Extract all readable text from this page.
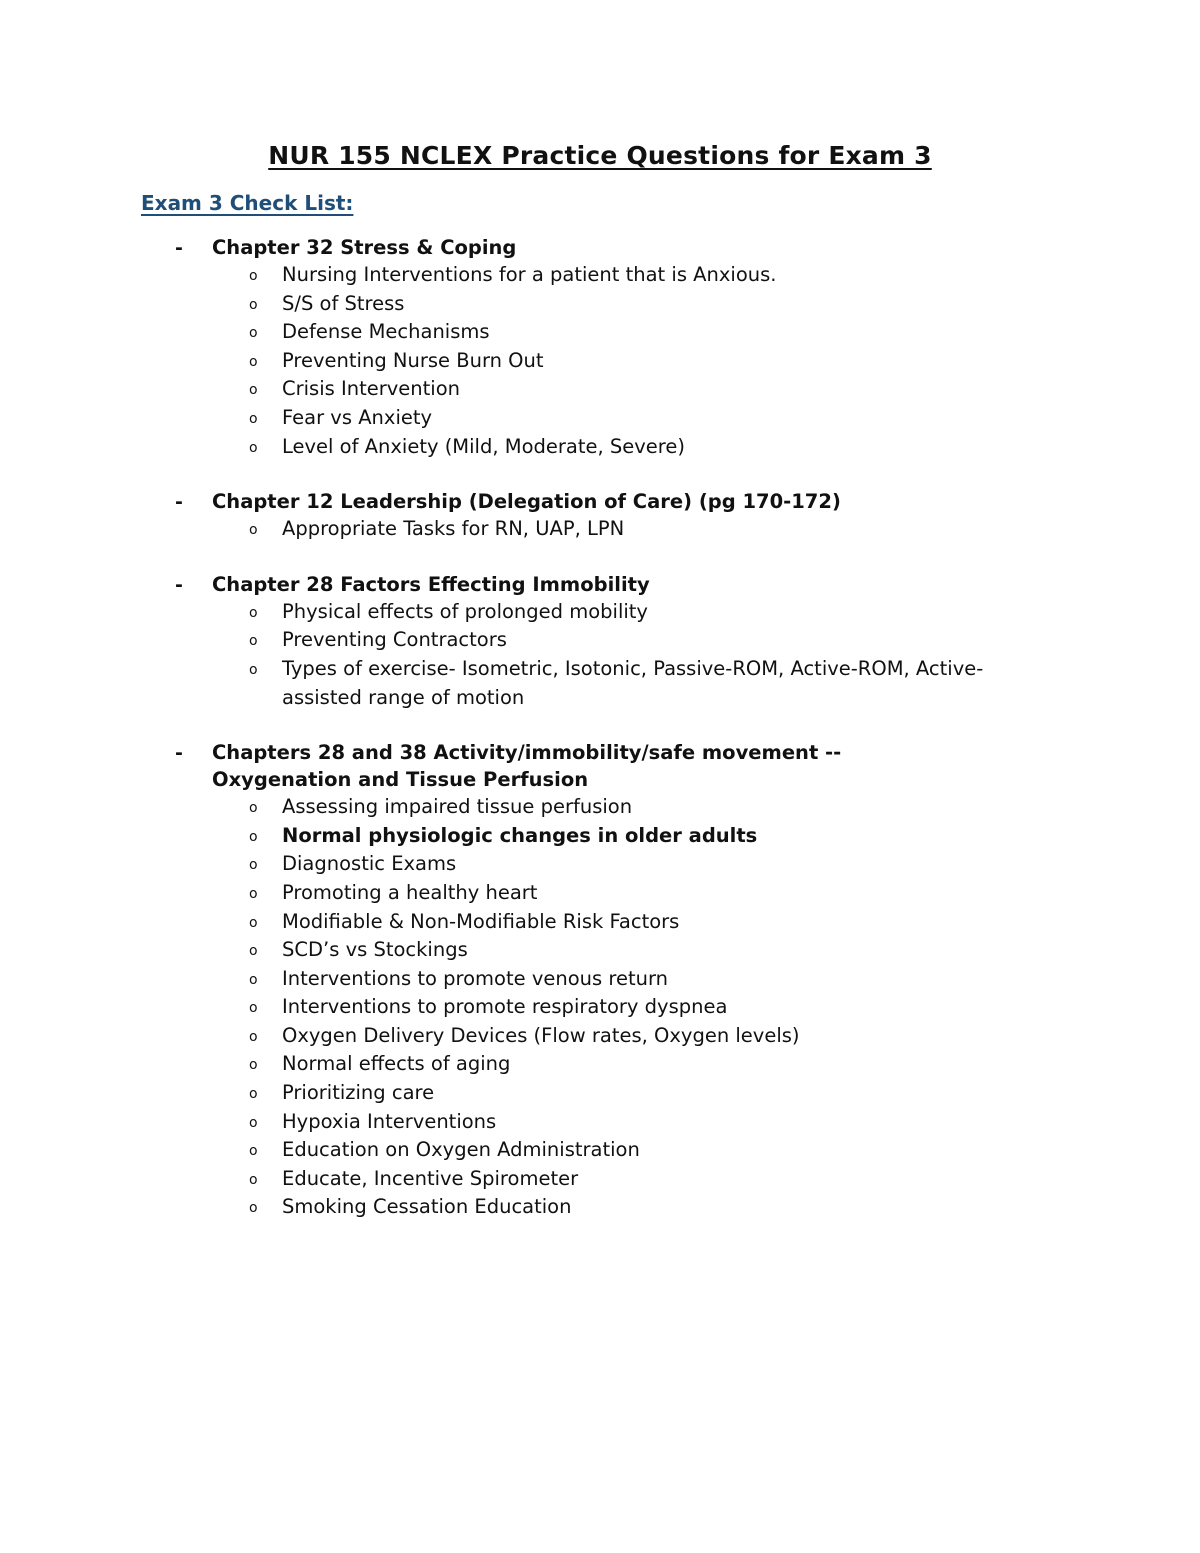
NUR 155 NCLEX Practice Questions for Exam 3
Exam 3 Check List:
- Chapter 32 Stress & Coping
o Nursing Interventions for a patient that is Anxious.
o S/S of Stress
o Defense Mechanisms
o Preventing Nurse Burn Out
o Crisis Intervention
o Fear vs Anxiety
o Level of Anxiety (Mild, Moderate, Severe)
- Chapter 12 Leadership (Delegation of Care) (pg 170-172)
o Appropriate Tasks for RN, UAP, LPN
- Chapter 28 Factors Effecting Immobility
o Physical effects of prolonged mobility
o Preventing Contractors
o Types of exercise- Isometric, Isotonic, Passive-ROM, Active-ROM, Active-assisted range of motion
- Chapters 28 and 38 Activity/immobility/safe movement -- Oxygenation and Tissue Perfusion
o Assessing impaired tissue perfusion
o Normal physiologic changes in older adults
o Diagnostic Exams
o Promoting a healthy heart
o Modifiable & Non-Modifiable Risk Factors
o SCD’s vs Stockings
o Interventions to promote venous return
o Interventions to promote respiratory dyspnea
o Oxygen Delivery Devices (Flow rates, Oxygen levels)
o Normal effects of aging
o Prioritizing care
o Hypoxia Interventions
o Education on Oxygen Administration
o Educate, Incentive Spirometer
o Smoking Cessation Education
